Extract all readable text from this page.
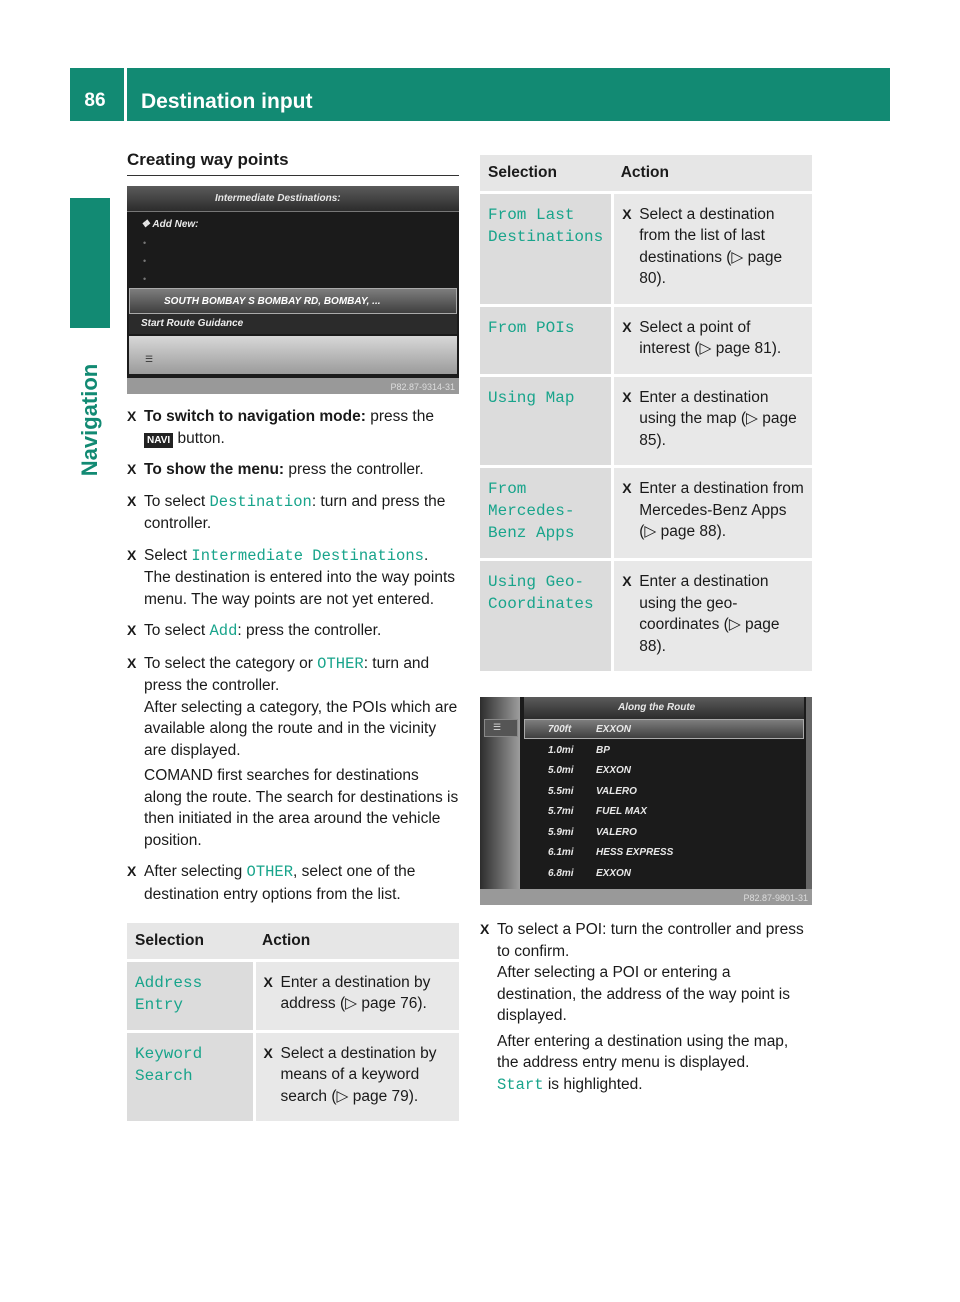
86	Destination input
Navigation
Creating way points
Intermediate Destinations:
❖ Add New:
•
•
•
SOUTH BOMBAY S BOMBAY RD, BOMBAY, ...
Start Route Guidance
☰
P82.87-9314-31
X To switch to navigation mode: press the
NAVI button.
X To show the menu: press the controller.
X To select Destination: turn and press the controller.
X Select Intermediate Destinations.
The destination is entered into the way points menu. The way points are not yet entered.
X To select Add: press the controller.
X To select the category or OTHER: turn and press the controller.
After selecting a category, the POIs which are available along the route and in the vicinity are displayed.
COMAND first searches for destinations along the route. The search for destinations is then initiated in the area around the vehicle position.
X After selecting OTHER, select one of the destination entry options from the list.
Selection	Action

Address
Entry	X Enter a destination by address (▷ page 76).

Keyword
Search	X Select a destination by means of a keyword search (▷ page 79).
Selection	Action

From Last
Destinations	X Select a destination from the list of last destinations (▷ page 80).

From POIs	X Select a point of interest (▷ page 81).

Using Map	X Enter a destination using the map (▷ page 85).

From
Mercedes-
Benz Apps	X Enter a destination from Mercedes-Benz Apps (▷ page 88).

Using Geo-
Coordinates	X Enter a destination using the geo-coordinates (▷ page 88).
☰
Along the Route
700ft EXXON
1.0mi BP
5.0mi EXXON
5.5mi VALERO
5.7mi FUEL MAX
5.9mi VALERO
6.1mi HESS EXPRESS
6.8mi EXXON
P82.87-9801-31
X To select a POI: turn the controller and press to confirm.
After selecting a POI or entering a destination, the address of the way point is displayed.
After entering a destination using the map, the address entry menu is displayed.
Start is highlighted.
